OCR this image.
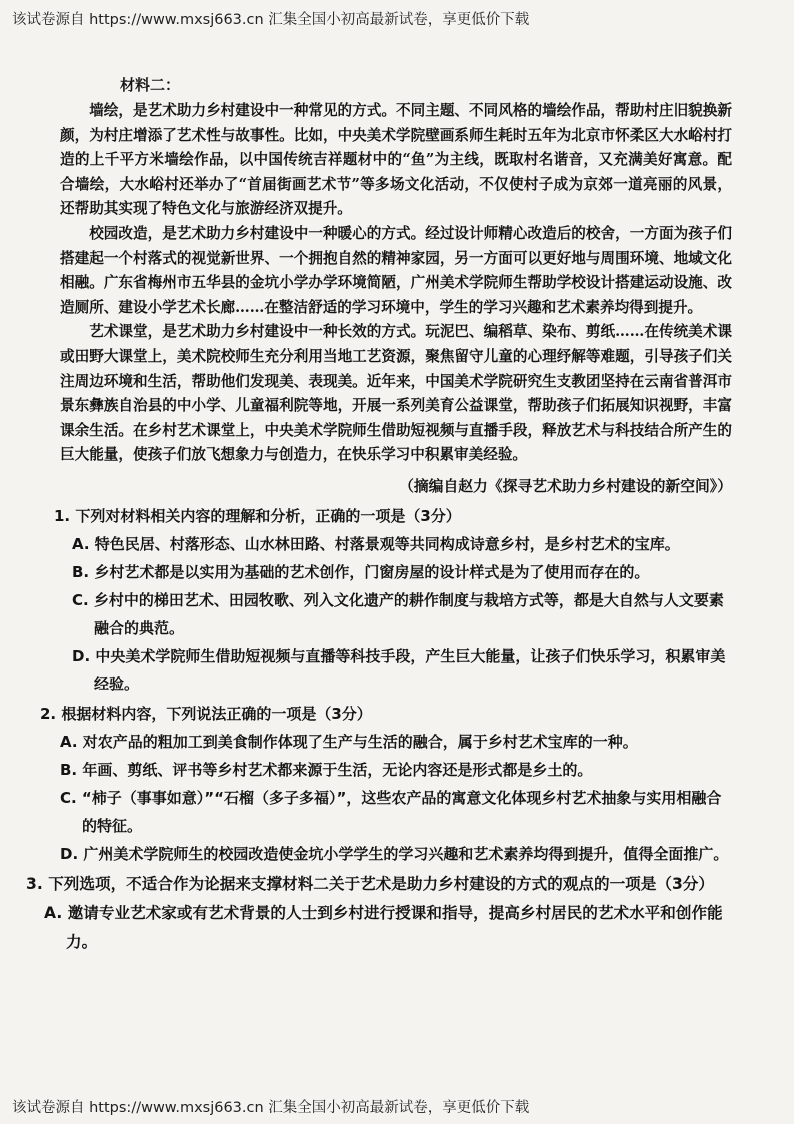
该试卷源自 https://www.mxsj663.cn 汇集全国小初高最新试卷，享更低价下载
材料二：

墙绘，是艺术助力乡村建设中一种常见的方式。不同主题、不同风格的墙绘作品，帮助村庄旧貌换新颜，为村庄增添了艺术性与故事性。比如，中央美术学院壁画系师生耗时五年为北京市怀柔区大水峪村打造的上千平方米墙绘作品，以中国传统吉祥题材中的“鱼”为主线，既取村名谐音，又充满美好寓意。配合墙绘，大水峪村还举办了“首届街画艺术节”等多场文化活动，不仅使村子成为京郊一道亮丽的风景，还帮助其实现了特色文化与旅游经济双提升。

校园改造，是艺术助力乡村建设中一种暖心的方式。经过设计师精心改造后的校舍，一方面为孩子们搭建起一个村落式的视觉新世界、一个拥抱自然的精神家园，另一方面可以更好地与周围环境、地域文化相融。广东省梅州市五华县的金坑小学办学环境简陋，广州美术学院师生帮助学校设计搭建运动设施、改造厕所、建设小学艺术长廊……在整洁舒适的学习环境中，学生的学习兴趣和艺术素养均得到提升。

艺术课堂，是艺术助力乡村建设中一种长效的方式。玩泥巴、编稻草、染布、剪纸……在传统美术课或田野大课堂上，美术院校师生充分利用当地工艺资源，聚焦留守儿童的心理纾解等难题，引导孩子们关注周边环境和生活，帮助他们发现美、表现美。近年来，中国美术学院研究生支教团坚持在云南省普洱市景东彝族自治县的中小学、儿童福利院等地，开展一系列美育公益课堂，帮助孩子们拓展知识视野，丰富课余生活。在乡村艺术课堂上，中央美术学院师生借助短视频与直播手段，释放艺术与科技结合所产生的巨大能量，使孩子们放飞想象力与创造力，在快乐学习中积累审美经验。

（摘编自赵力《探寻艺术助力乡村建设的新空间》）

1. 下列对材料相关内容的理解和分析，正确的一项是（3分）

A. 特色民居、村落形态、山水林田路、村落景观等共同构成诗意乡村，是乡村艺术的宝库。

B. 乡村艺术都是以实用为基础的艺术创作，门窗房屋的设计样式是为了使用而存在的。

C. 乡村中的梯田艺术、田园牧歌、列入文化遗产的耕作制度与栽培方式等，都是大自然与人文要素融合的典范。

D. 中央美术学院师生借助短视频与直播等科技手段，产生巨大能量，让孩子们快乐学习，积累审美经验。

2. 根据材料内容，下列说法正确的一项是（3分）

A. 对农产品的粗加工到美食制作体现了生产与生活的融合，属于乡村艺术宝库的一种。

B. 年画、剪纸、评书等乡村艺术都来源于生活，无论内容还是形式都是乡土的。

C. “柿子（事事如意）”“石榴（多子多福）”，这些农产品的寓意文化体现乡村艺术抽象与实用相融合的特征。

D. 广州美术学院师生的校园改造使金坑小学学生的学习兴趣和艺术素养均得到提升，值得全面推广。

3. 下列选项，不适合作为论据来支撑材料二关于艺术是助力乡村建设的方式的观点的一项是（3分）

A. 邀请专业艺术家或有艺术背景的人士到乡村进行授课和指导，提高乡村居民的艺术水平和创作能力。

该试卷源自 https://www.mxsj663.cn 汇集全国小初高最新试卷，享更低价下载
